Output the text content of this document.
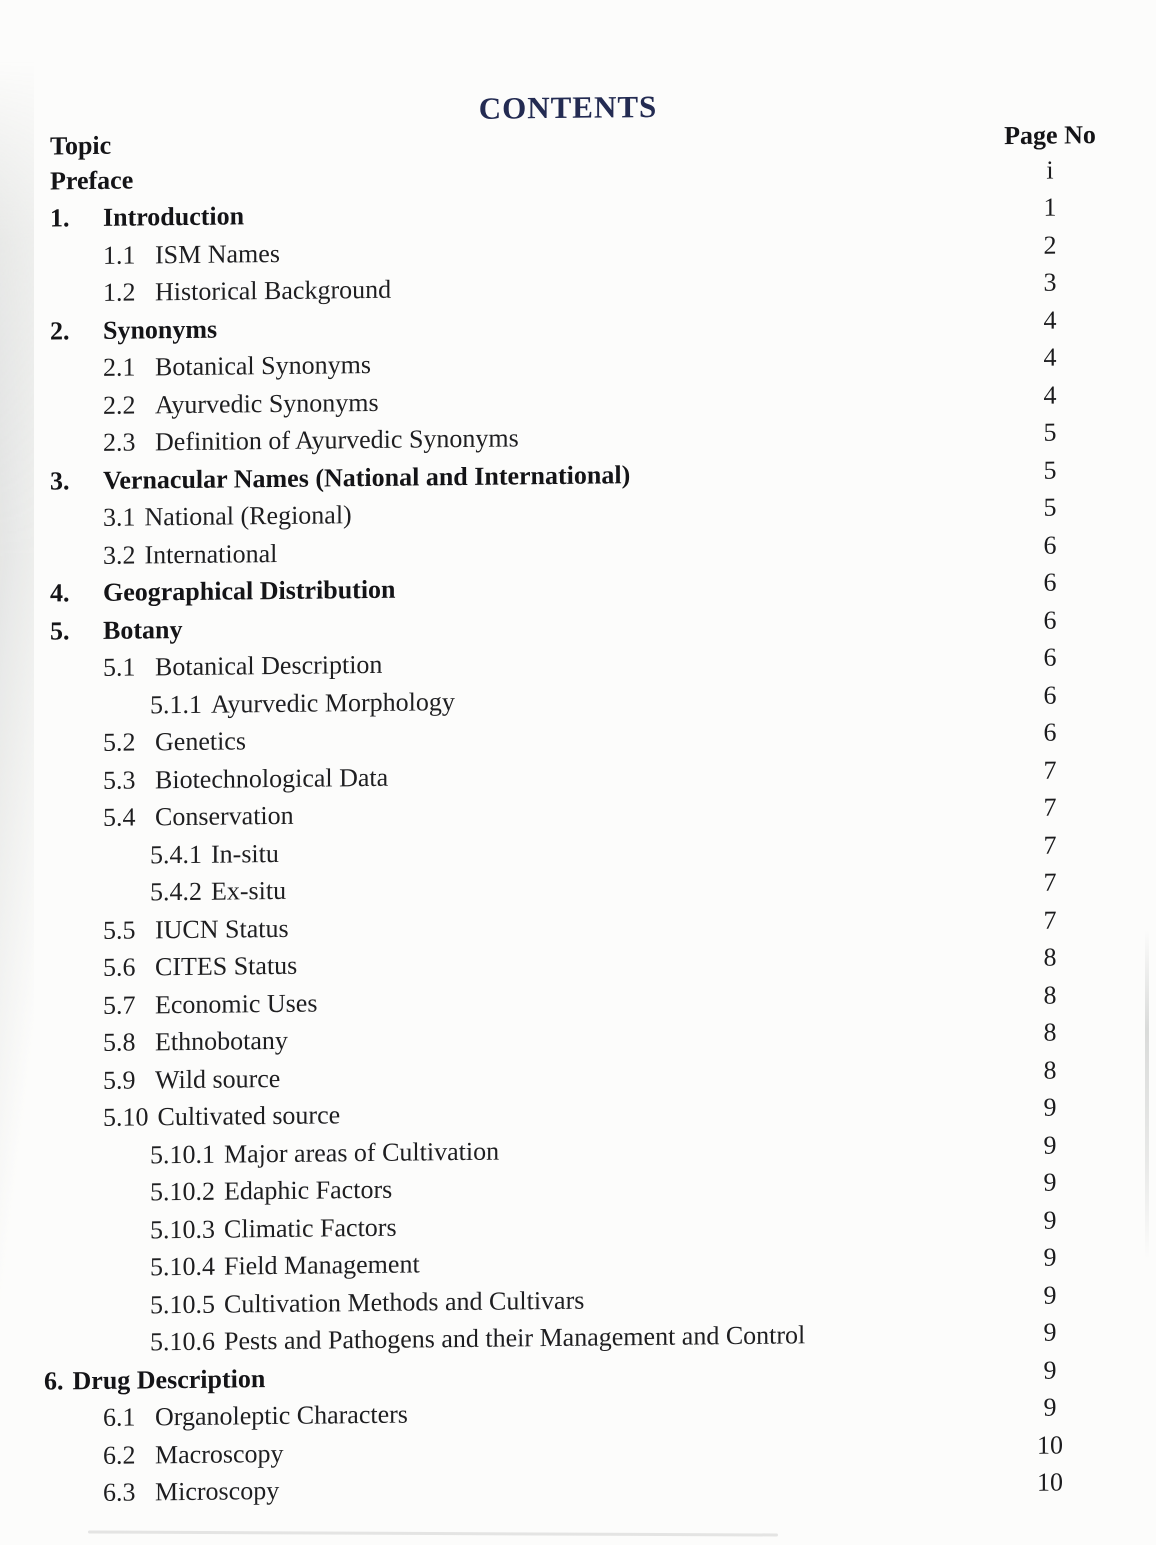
CONTENTS
Topic	Page No
Preface	i
1.	Introduction	1
1.1 ISM Names	2
1.2 Historical Background	3
2.	Synonyms	4
2.1 Botanical Synonyms	4
2.2 Ayurvedic Synonyms	4
2.3 Definition of Ayurvedic Synonyms	5
3.	Vernacular Names (National and International)	5
3.1 National (Regional)	5
3.2 International	6
4.	Geographical Distribution	6
5.	Botany	6
5.1 Botanical Description	6
5.1.1 Ayurvedic Morphology	6
5.2 Genetics	6
5.3 Biotechnological Data	7
5.4 Conservation	7
5.4.1 In-situ	7
5.4.2 Ex-situ	7
5.5 IUCN Status	7
5.6 CITES Status	8
5.7 Economic Uses	8
5.8 Ethnobotany	8
5.9 Wild source	8
5.10 Cultivated source	9
5.10.1 Major areas of Cultivation	9
5.10.2 Edaphic Factors	9
5.10.3 Climatic Factors	9
5.10.4 Field Management	9
5.10.5 Cultivation Methods and Cultivars	9
5.10.6 Pests and Pathogens and their Management and Control	9
6. Drug Description	9
6.1 Organoleptic Characters	9
6.2 Macroscopy	10
6.3 Microscopy	10
